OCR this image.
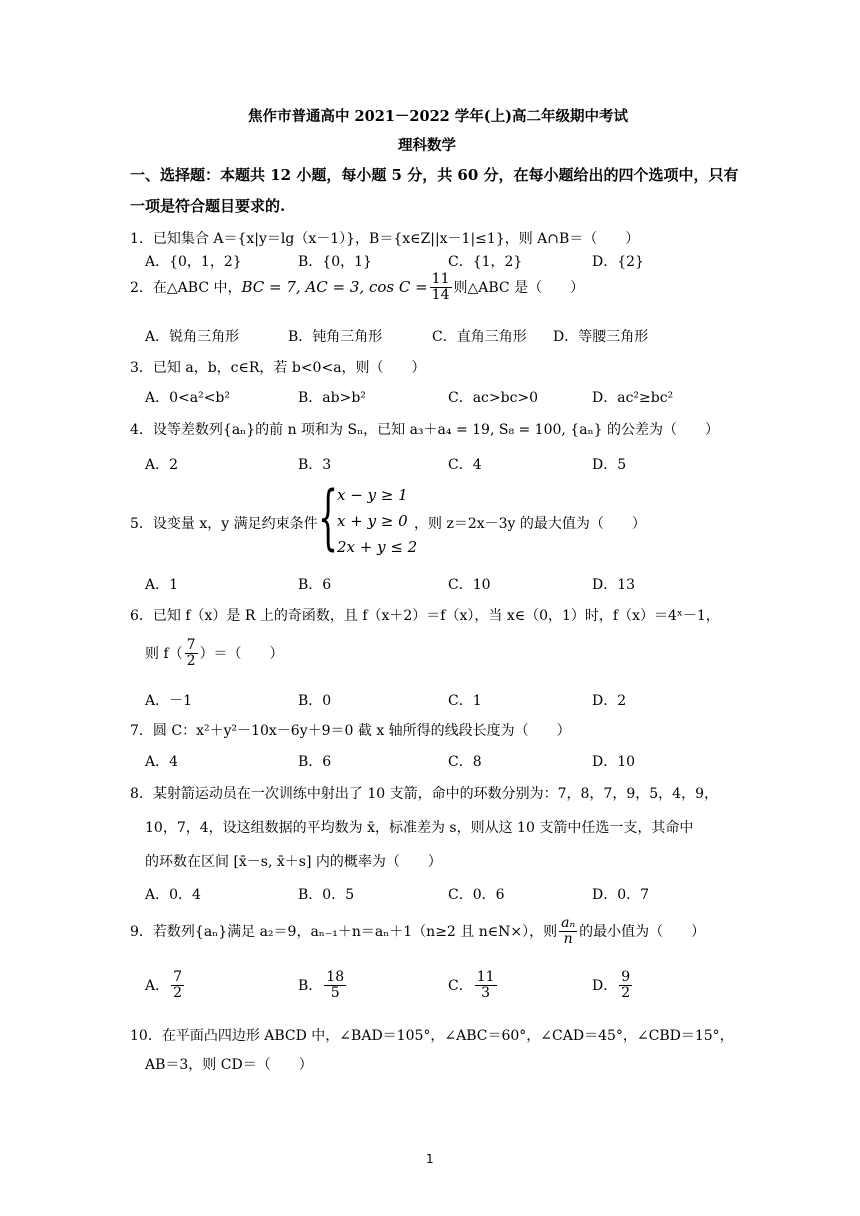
焦作市普通高中 2021－2022 学年(上)高二年级期中考试
理科数学
一、选择题：本题共 12 小题，每小题 5 分，共 60 分，在每小题给出的四个选项中，只有
一项是符合题目要求的.
1．已知集合 A＝{x|y＝lg（x－1）}，B＝{x∈Z||x－1|≤1}，则 A∩B＝（　　）
A．{0，1，2}	B．{0，1}	C．{1，2}	D．{2}
2．在△ABC 中， BC = 7, AC = 3, $\cos C = \frac{11}{14}$ 则△ABC 是（　　）
A．锐角三角形	B．钝角三角形	C．直角三角形 D．等腰三角形
3．已知 a，b，c∈R，若 b<0<a，则（　　）
A．0<a²<b²	B．ab>b²	C．ac>bc>0	D．ac²≥bc²
4．设等差数列{aₙ}的前 n 项和为 Sₙ，已知 a₃＋a₄ = 19, S₈ = 100, {aₙ} 的公差为（　　）
A．2	B．3	C．4	D．5
5．设变量 x，y 满足约束条件 {
x − y ≥ 1
x + y ≥ 0
2x + y ≤ 2
，则 z＝2x－3y 的最大值为（　　）
A．1	B．6	C．10	D．13
6．已知 f（x）是 R 上的奇函数，且 f（x＋2）＝f（x），当 x∈（0，1）时，f（x）＝4ˣ－1，
则 $f( \frac{7}{2}$ ）＝（　　）
A．－1	B．0	C．1	D．2
7．圆 C：x²＋y²－10x－6y＋9＝0 截 x 轴所得的线段长度为（　　）
A．4	B．6	C．8	D．10
8．某射箭运动员在一次训练中射出了 10 支箭，命中的环数分别为：7，8，7，9，5，4，9，
10，7，4，设这组数据的平均数为 x̄，标准差为 s，则从这 10 支箭中任选一支，其命中
的环数在区间 [x̄－s, x̄＋s] 内的概率为（　　）
A．0．4	B．0．5	C．0．6	D．0．7
9．若数列{aₙ}满足 a₂＝9，aₙ₋₁＋n＝aₙ＋1（n≥2 且 n∈N×），则 $\frac{\text{aₙ}}{n}$ 的最小值为（　　）
A． $\frac{7}{2}$	B． $\frac{18}{5}$	C． $\frac{11}{3}$	D． $\frac{9}{2}$
10．在平面凸四边形 ABCD 中，∠BAD＝105°，∠ABC＝60°，∠CAD＝45°，∠CBD＝15°，
AB＝3，则 CD＝（　　）
1
